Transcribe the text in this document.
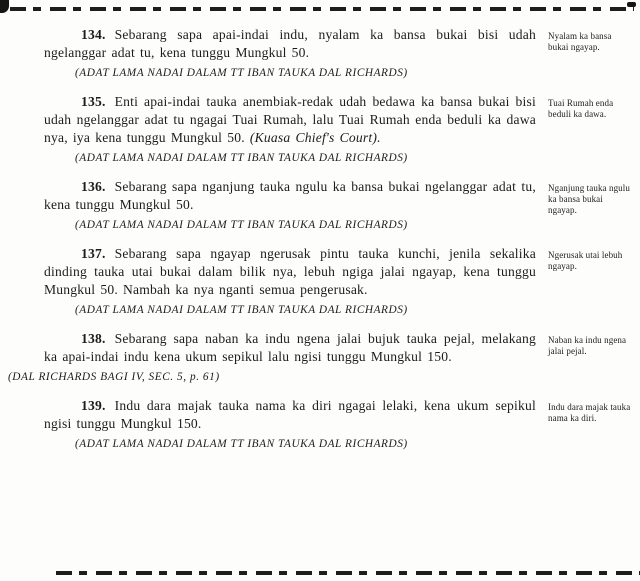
134. Sebarang sapa apai-indai indu, nyalam ka bansa bukai bisi udah ngelanggar adat tu, kena tunggu Mungkul 50.

(ADAT LAMA NADAI DALAM TT IBAN TAUKA DAL RICHARDS)

Nyalam ka bansa bukai ngayap.

135. Enti apai-indai tauka anembiak-redak udah bedawa ka bansa bukai bisi udah ngelanggar adat tu ngagai Tuai Rumah, lalu Tuai Rumah enda beduli ka dawa nya, iya kena tunggu Mungkul 50. (Kuasa Chief's Court).

(ADAT LAMA NADAI DALAM TT IBAN TAUKA DAL RICHARDS)

Tuai Rumah enda beduli ka dawa.

136. Sebarang sapa nganjung tauka ngulu ka bansa bukai ngelanggar adat tu, kena tunggu Mungkul 50.

(ADAT LAMA NADAI DALAM TT IBAN TAUKA DAL RICHARDS)

Nganjung tauka ngulu ka bansa bukai ngayap.

137. Sebarang sapa ngayap ngerusak pintu tauka kunchi, jenila sekalika dinding tauka utai bukai dalam bilik nya, lebuh ngiga jalai ngayap, kena tunggu Mungkul 50. Nambah ka nya nganti semua pengerusak.

(ADAT LAMA NADAI DALAM TT IBAN TAUKA DAL RICHARDS)

Ngerusak utai lebuh ngayap.

138. Sebarang sapa naban ka indu ngena jalai bujuk tauka pejal, melakang ka apai-indai indu kena ukum sepikul lalu ngisi tunggu Mungkul 150.

(DAL RICHARDS BAGI IV, SEC. 5, p. 61)

Naban ka indu ngena jalai pejal.

139. Indu dara majak tauka nama ka diri ngagai lelaki, kena ukum sepikul ngisi tunggu Mungkul 150.

(ADAT LAMA NADAI DALAM TT IBAN TAUKA DAL RICHARDS)

Indu dara majak tauka nama ka diri.
